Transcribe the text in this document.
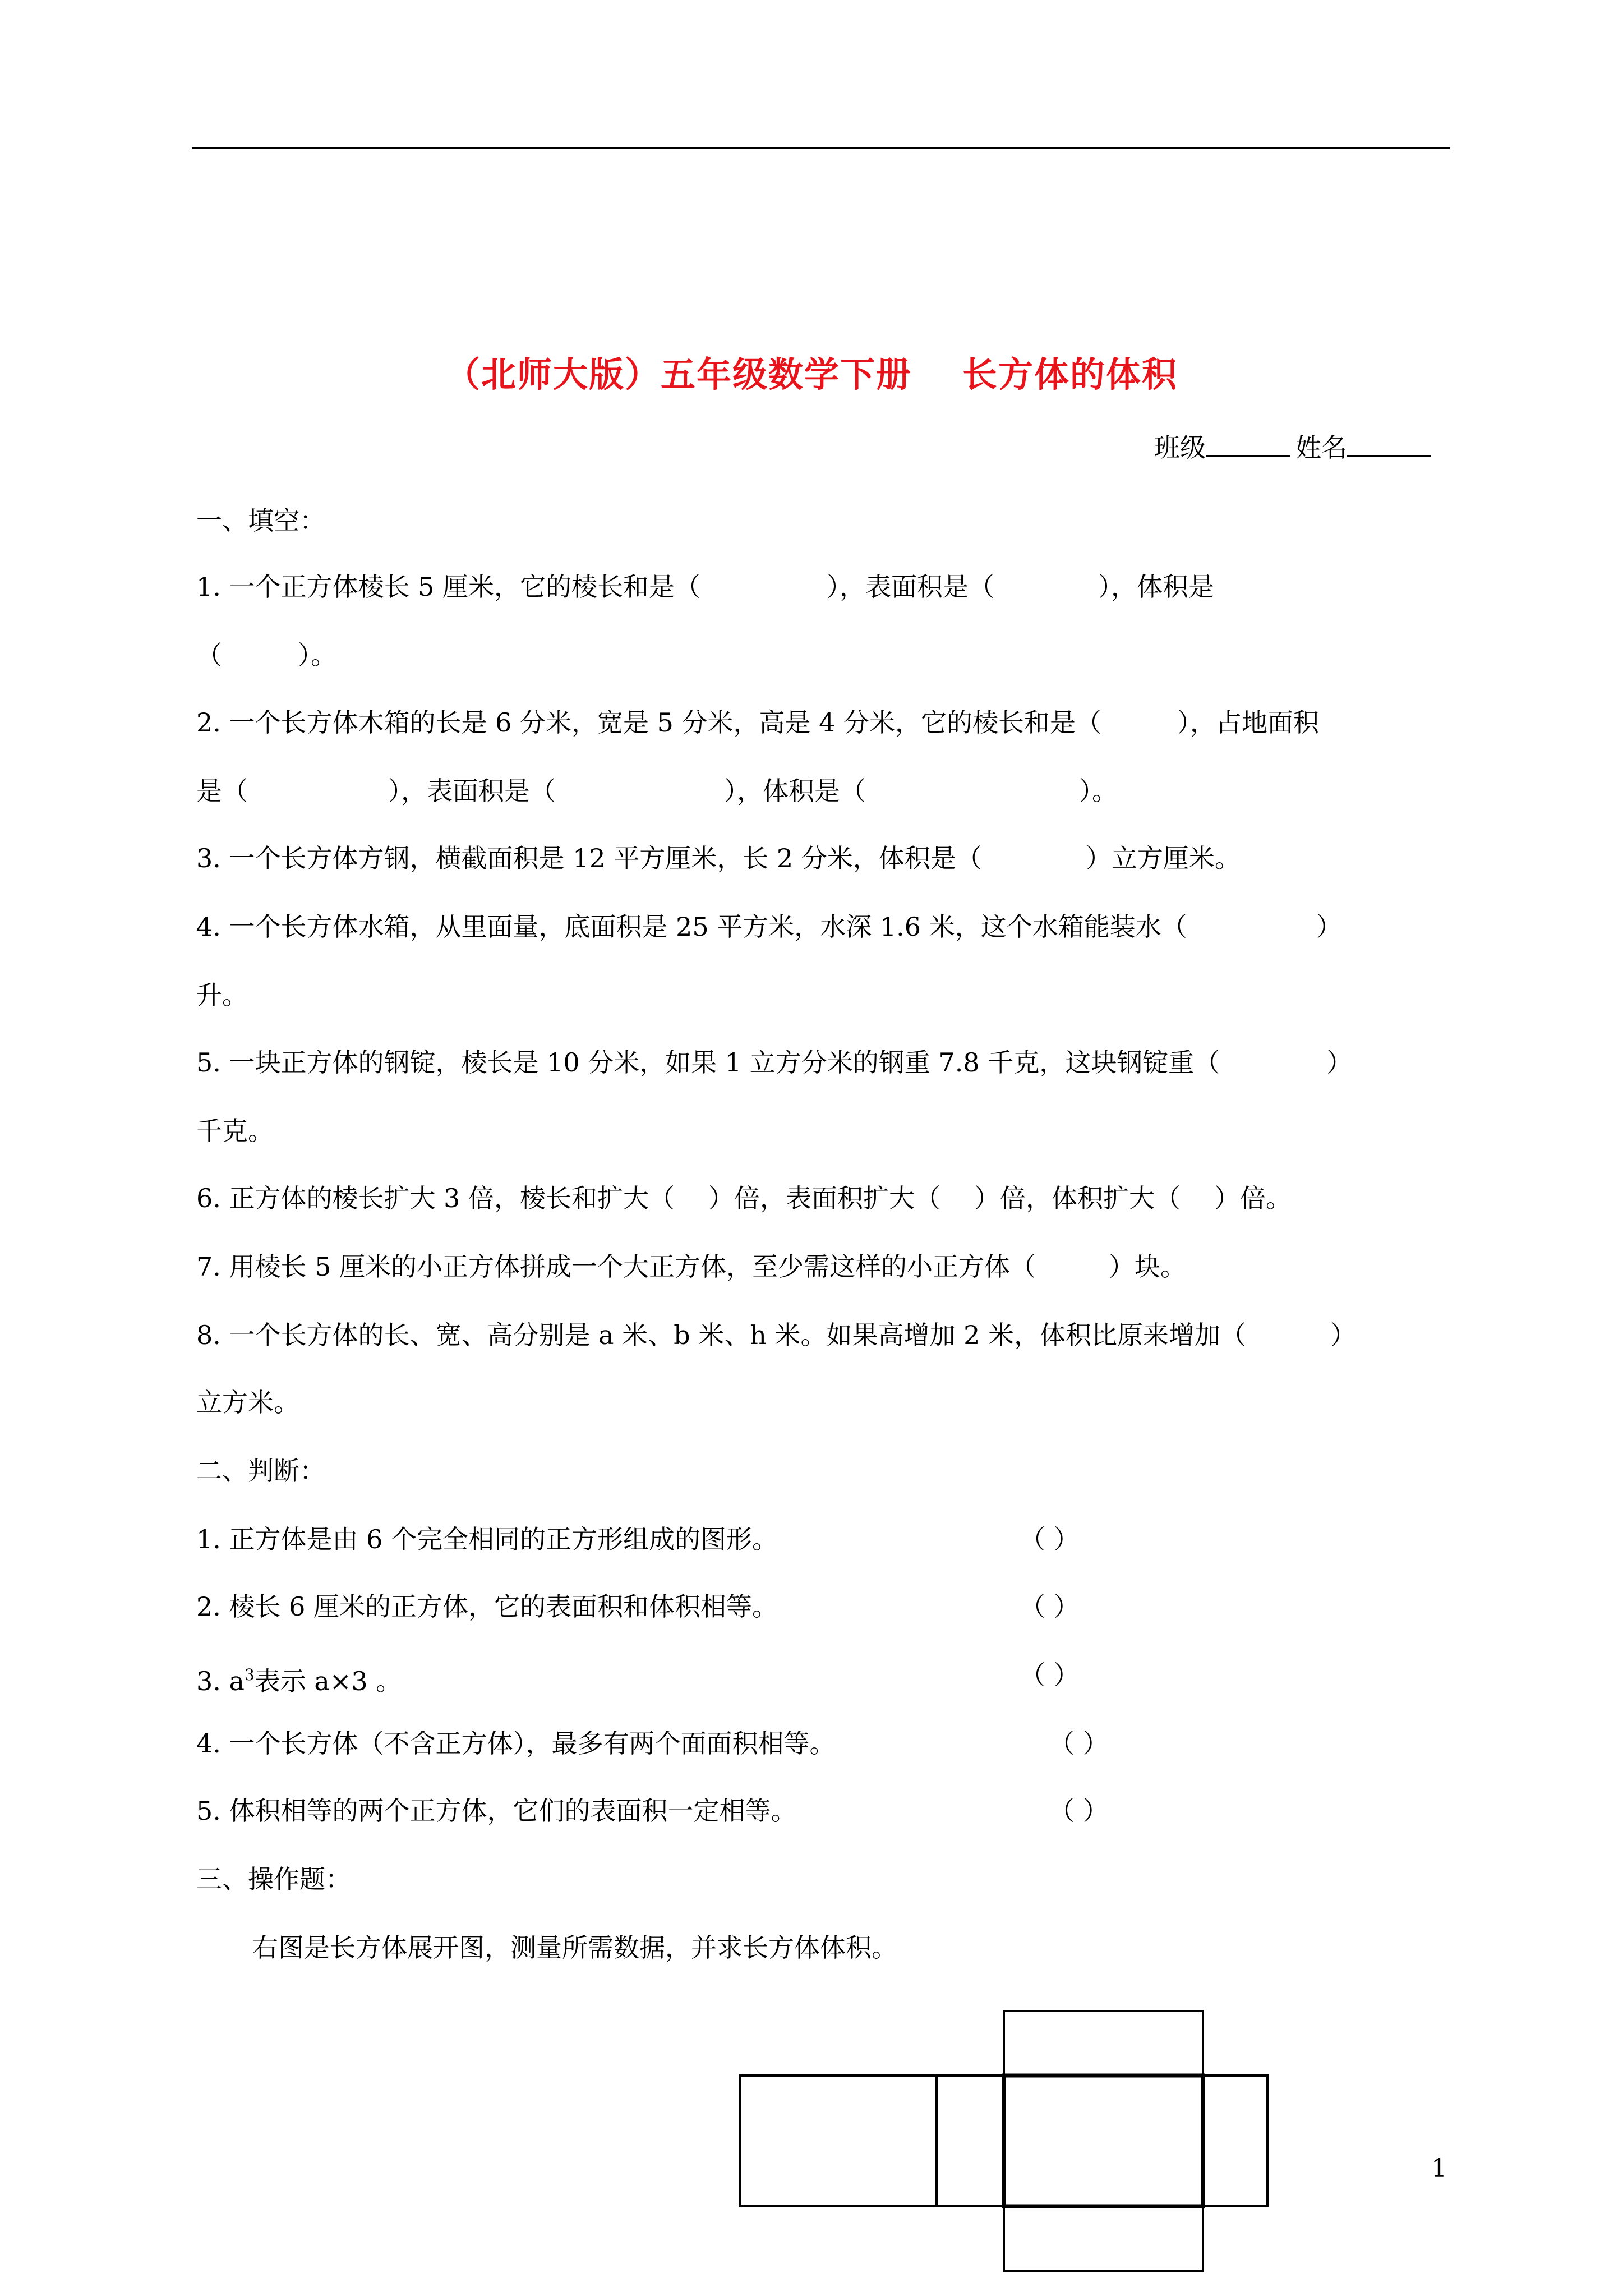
（北师大版）五年级数学下册 长方体的体积
班级	姓名
一、填空：
1. 一个正方体棱长 5 厘米，它的棱长和是（	），表面积是（	），体积是
（	）。
2. 一个长方体木箱的长是 6 分米，宽是 5 分米，高是 4 分米，它的棱长和是（	），占地面积
是（	），表面积是（	），体积是（	）。
3. 一个长方体方钢，横截面积是 12 平方厘米，长 2 分米，体积是（	）立方厘米。
4. 一个长方体水箱，从里面量，底面积是 25 平方米，水深 1.6 米，这个水箱能装水（	）
升。
5. 一块正方体的钢锭，棱长是 10 分米，如果 1 立方分米的钢重 7.8 千克，这块钢锭重（	）
千克。
6. 正方体的棱长扩大 3 倍，棱长和扩大（ ）倍，表面积扩大（ ）倍，体积扩大（ ）倍。
7. 用棱长 5 厘米的小正方体拼成一个大正方体，至少需这样的小正方体（	）块。
8. 一个长方体的长、宽、高分别是 a 米、b 米、h 米。如果高增加 2 米，体积比原来增加（	）
立方米。
二、判断：
1. 正方体是由 6 个完全相同的正方形组成的图形。	（ ）
2. 棱长 6 厘米的正方体，它的表面积和体积相等。	（ ）
3. $a^3$表示 a×3 。	（ ）
4. 一个长方体（不含正方体），最多有两个面面积相等。	（ ）
5. 体积相等的两个正方体，它们的表面积一定相等。	（ ）
三、操作题：
右图是长方体展开图，测量所需数据，并求长方体体积。
1
